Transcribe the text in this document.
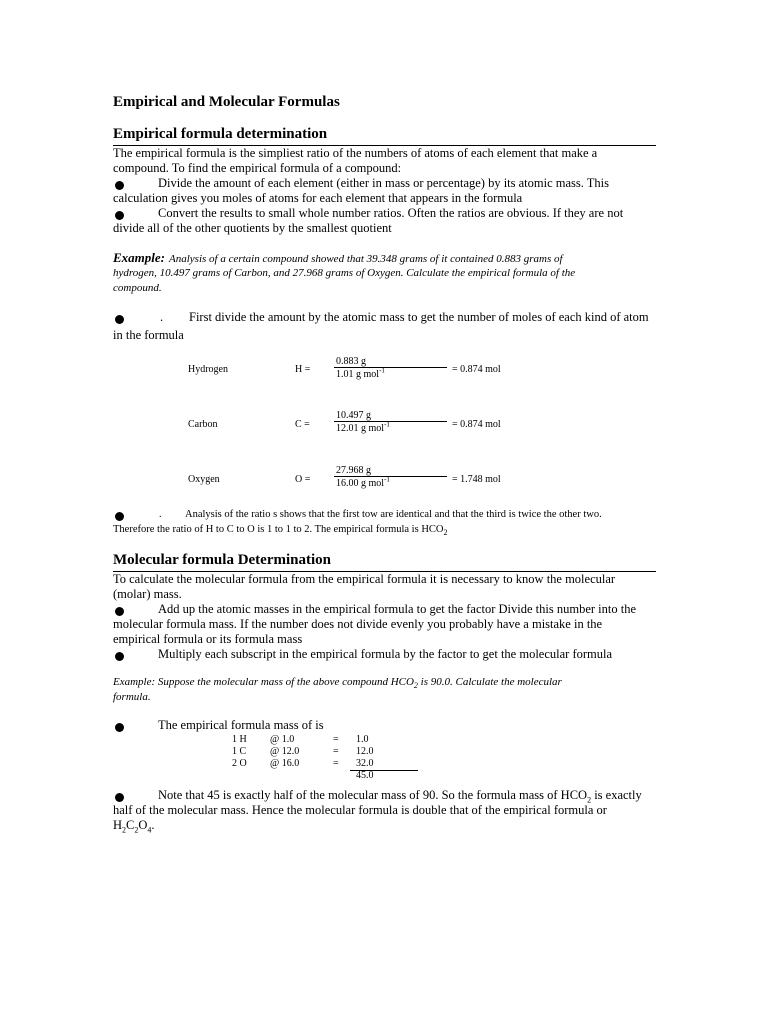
Empirical and Molecular Formulas
Empirical formula determination
The empirical formula is the simpliest ratio of the numbers of atoms of each element that make a
compound. To find the empirical formula of a compound:
Divide the amount of each element (either in mass or percentage) by its atomic mass. This
calculation gives you moles of atoms for each element that appears in the formula
Convert the results to small whole number ratios. Often the ratios are obvious. If they are not
divide all of the other quotients by the smallest quotient
Example: Analysis of a certain compound showed that 39.348 grams of it contained 0.883 grams of
hydrogen, 10.497 grams of Carbon, and 27.968 grams of Oxygen. Calculate the empirical formula of the
compound.
. First divide the amount by the atomic mass to get the number of moles of each kind of atom
in the formula
Hydrogen	H =
0.883 g
1.01 g mol$^{-1}$	= 0.874 mol
Carbon	C =
10.497 g
12.01 g mol$^{-1}$	= 0.874 mol
Oxygen	O =
27.968 g
16.00 g mol$^{-1}$	= 1.748 mol
. Analysis of the ratio s shows that the first tow are identical and that the third is twice the other two.
Therefore the ratio of H to C to O is 1 to 1 to 2. The empirical formula is $HCO_2$
Molecular formula Determination
To calculate the molecular formula from the empirical formula it is necessary to know the molecular
(molar) mass.
Add up the atomic masses in the empirical formula to get the factor Divide this number into the
molecular formula mass. If the number does not divide evenly you probably have a mistake in the
empirical formula or its formula mass
Multiply each subscript in the empirical formula by the factor to get the molecular formula
Example: Suppose the molecular mass of the above compound $HCO_2$ is 90.0. Calculate the molecular
formula.
The empirical formula mass of is
1 H @ 1.0	= 1.0
1 C @ 12.0	= 12.0
2 O @ 16.0	= 32.0
45.0
Note that 45 is exactly half of the molecular mass of 90. So the formula mass of $HCO_2$ is exactly
half of the molecular mass. Hence the molecular formula is double that of the empirical formula or
$H_2C_2O_4$.
